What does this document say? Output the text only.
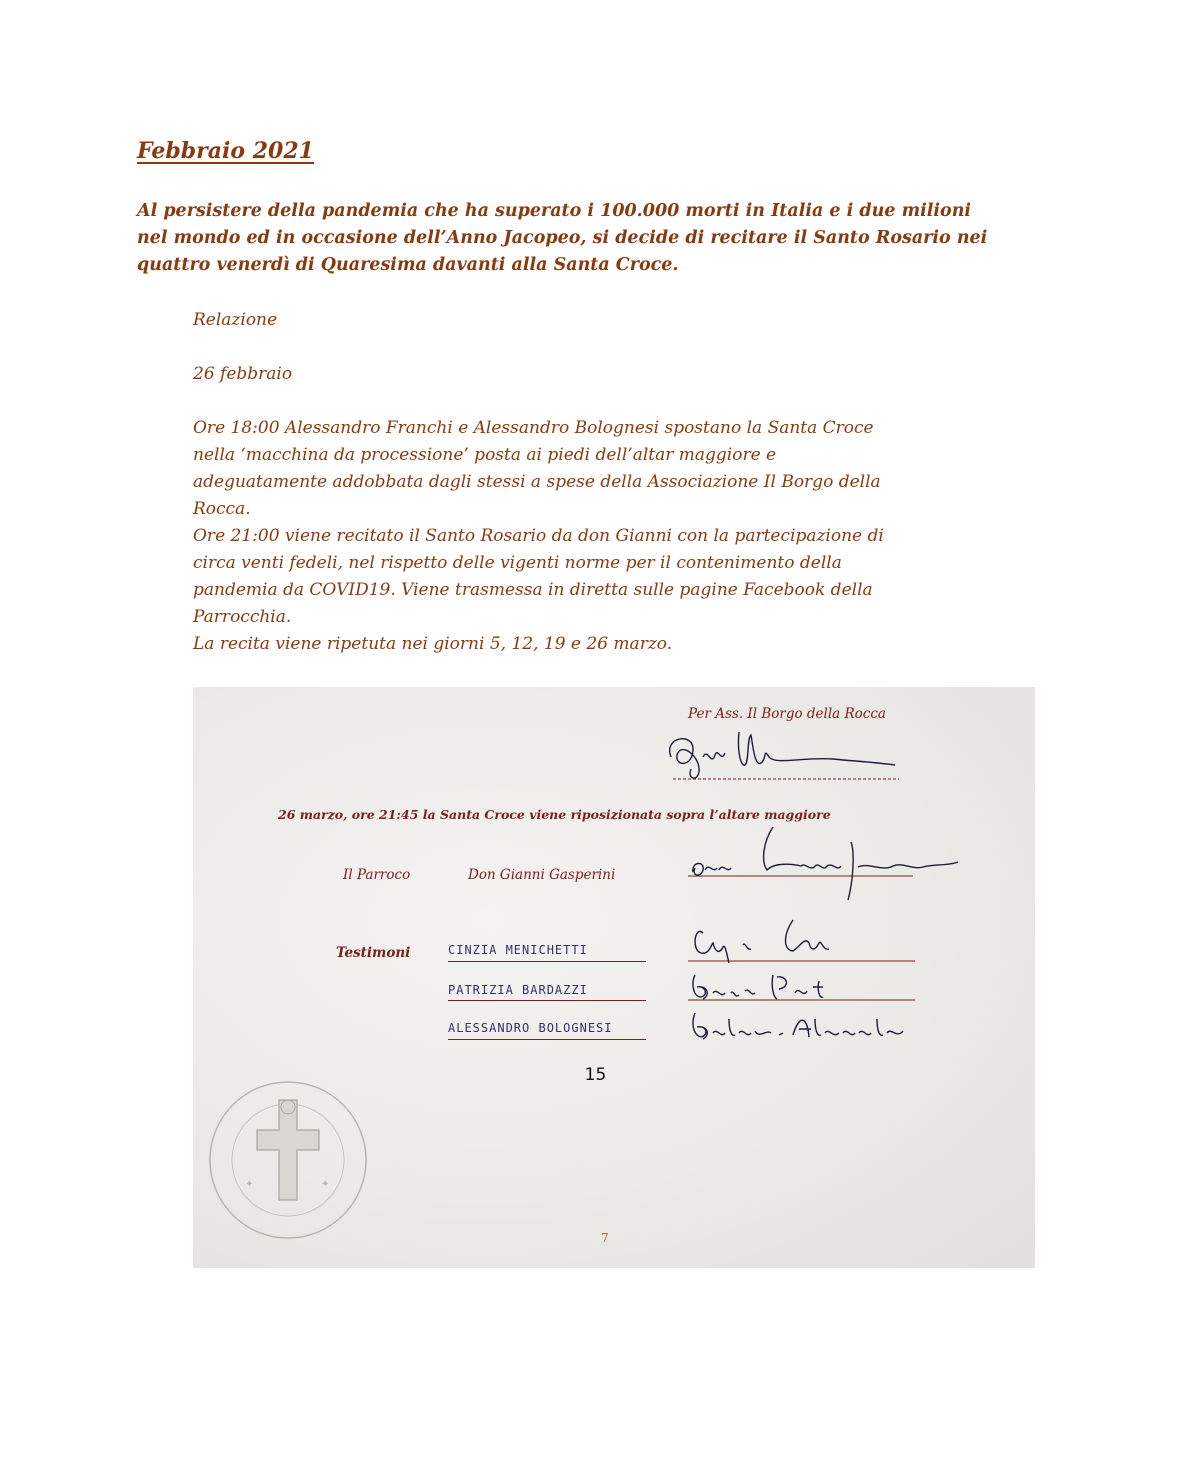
Febbraio 2021
Al persistere della pandemia che ha superato i 100.000 morti in Italia e i due milioni
nel mondo ed in occasione dell’Anno Jacopeo, si decide di recitare il Santo Rosario nei
quattro venerdì di Quaresima davanti alla Santa Croce.
Relazione
26 febbraio
Ore 18:00 Alessandro Franchi e Alessandro Bolognesi spostano la Santa Croce
nella ‘macchina da processione’ posta ai piedi dell’altar maggiore e
adeguatamente addobbata dagli stessi a spese della Associazione Il Borgo della
Rocca.
Ore 21:00 viene recitato il Santo Rosario da don Gianni con la partecipazione di
circa venti fedeli, nel rispetto delle vigenti norme per il contenimento della
pandemia da COVID19. Viene trasmessa in diretta sulle pagine Facebook della
Parrocchia.
La recita viene ripetuta nei giorni 5, 12, 19 e 26 marzo.
Per Ass. Il Borgo della Rocca
26 marzo, ore 21:45 la Santa Croce viene riposizionata sopra l’altare maggiore
Il Parroco	Don Gianni Gasperini
Testimoni	CINZIA MENICHETTI
PATRIZIA BARDAZZI
ALESSANDRO BOLOGNESI
✦	✦
7
15
